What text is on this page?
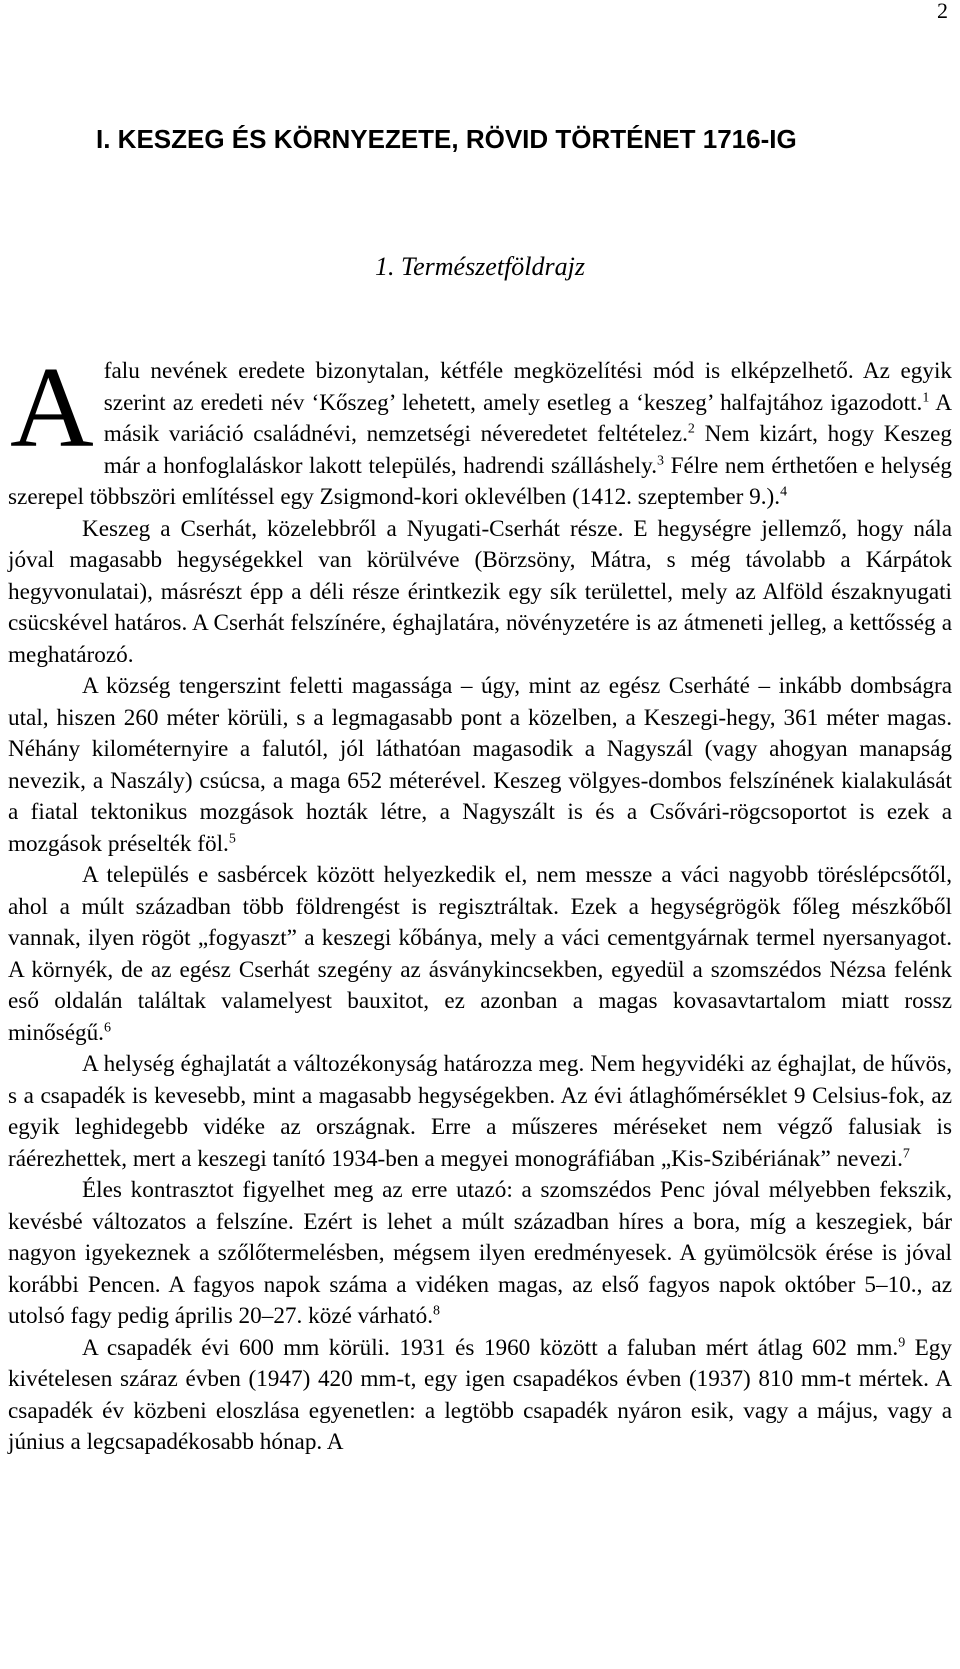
2
I. KESZEG ÉS KÖRNYEZETE, RÖVID TÖRTÉNET 1716-IG
1. Természetföldrajz

Afalu nevének eredete bizonytalan, kétféle megközelítési mód is elképzelhető. Az egyik szerint az eredeti név ‘Kőszeg’ lehetett, amely esetleg a ‘keszeg’ halfajtához igazodott.$^1$ A másik variáció családnévi, nemzetségi néveredetet feltételez.$^2$ Nem kizárt, hogy Keszeg már a honfoglaláskor lakott település, hadrendi szálláshely.$^3$ Félre nem érthetően e helység szerepel többszöri említéssel egy Zsigmond-kori oklevélben (1412. szeptember 9.).$^4$

Keszeg a Cserhát, közelebbről a Nyugati-Cserhát része. E hegységre jellemző, hogy nála jóval magasabb hegységekkel van körülvéve (Börzsöny, Mátra, s még távolabb a Kárpátok hegyvonulatai), másrészt épp a déli része érintkezik egy sík területtel, mely az Alföld északnyugati csücskével határos. A Cserhát felszínére, éghajlatára, növényzetére is az átmeneti jelleg, a kettősség a meghatározó.

A község tengerszint feletti magassága – úgy, mint az egész Cserháté – inkább dombságra utal, hiszen 260 méter körüli, s a legmagasabb pont a közelben, a Keszegi-hegy, 361 méter magas. Néhány kilométernyire a falutól, jól láthatóan magasodik a Nagyszál (vagy ahogyan manapság nevezik, a Naszály) csúcsa, a maga 652 méterével. Keszeg völgyes-dombos felszínének kialakulását a fiatal tektonikus mozgások hozták létre, a Nagyszált is és a Csővári-rögcsoportot is ezek a mozgások préselték föl.$^5$

A település e sasbércek között helyezkedik el, nem messze a váci nagyobb töréslépcsőtől, ahol a múlt században több földrengést is regisztráltak. Ezek a hegységrögök főleg mészkőből vannak, ilyen rögöt „fogyaszt” a keszegi kőbánya, mely a váci cementgyárnak termel nyersanyagot. A környék, de az egész Cserhát szegény az ásványkincsekben, egyedül a szomszédos Nézsa felénk eső oldalán találtak valamelyest bauxitot, ez azonban a magas kovasavtartalom miatt rossz minőségű.$^6$

A helység éghajlatát a változékonyság határozza meg. Nem hegyvidéki az éghajlat, de hűvös, s a csapadék is kevesebb, mint a magasabb hegységekben. Az évi átlaghőmérséklet 9 Celsius-fok, az egyik leghidegebb vidéke az országnak. Erre a műszeres méréseket nem végző falusiak is ráérezhettek, mert a keszegi tanító 1934-ben a megyei monográfiában „Kis-Szibériának” nevezi.$^7$

Éles kontrasztot figyelhet meg az erre utazó: a szomszédos Penc jóval mélyebben fekszik, kevésbé változatos a felszíne. Ezért is lehet a múlt században híres a bora, míg a keszegiek, bár nagyon igyekeznek a szőlőtermelésben, mégsem ilyen eredményesek. A gyümölcsök érése is jóval korábbi Pencen. A fagyos napok száma a vidéken magas, az első fagyos napok október 5–10., az utolsó fagy pedig április 20–27. közé várható.$^8$

A csapadék évi 600 mm körüli. 1931 és 1960 között a faluban mért átlag 602 mm.$^9$ Egy kivételesen száraz évben (1947) 420 mm-t, egy igen csapadékos évben (1937) 810 mm-t mértek. A csapadék év közbeni eloszlása egyenetlen: a legtöbb csapadék nyáron esik, vagy a május, vagy a június a legcsapadékosabb hónap. A
